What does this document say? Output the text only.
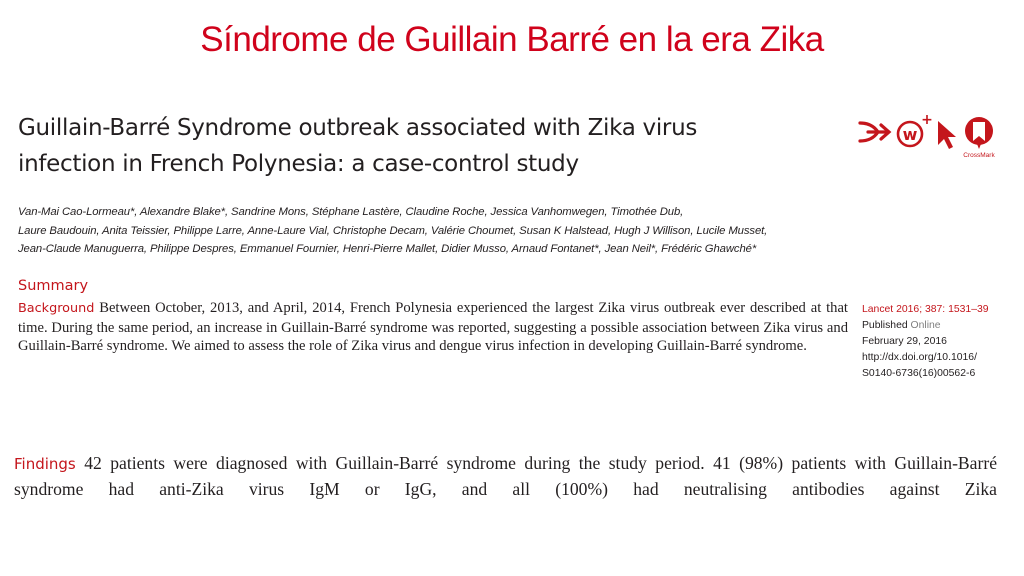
Síndrome de Guillain Barré en la era Zika
Guillain-Barré Syndrome outbreak associated with Zika virus
infection in French Polynesia: a case-control study
w
+
CrossMark
Van-Mai Cao-Lormeau*, Alexandre Blake*, Sandrine Mons, Stéphane Lastère, Claudine Roche, Jessica Vanhomwegen, Timothée Dub,
Laure Baudouin, Anita Teissier, Philippe Larre, Anne-Laure Vial, Christophe Decam, Valérie Choumet, Susan K Halstead, Hugh J Willison, Lucile Musset,
Jean-Claude Manuguerra, Philippe Despres, Emmanuel Fournier, Henri-Pierre Mallet, Didier Musso, Arnaud Fontanet*, Jean Neil*, Frédéric Ghawché*
Summary
Background Between October, 2013, and April, 2014, French Polynesia experienced the largest Zika virus outbreak ever described at that time. During the same period, an increase in Guillain-Barré syndrome was reported, suggesting a possible association between Zika virus and Guillain-Barré syndrome. We aimed to assess the role of Zika virus and dengue virus infection in developing Guillain-Barré syndrome.
Lancet 2016; 387: 1531–39
Published Online
February 29, 2016
http://dx.doi.org/10.1016/
S0140-6736(16)00562-6
Findings 42 patients were diagnosed with Guillain-Barré syndrome during the study period. 41 (98%) patients with Guillain-Barré syndrome had anti-Zika virus IgM or IgG, and all (100%) had neutralising antibodies against Zika
